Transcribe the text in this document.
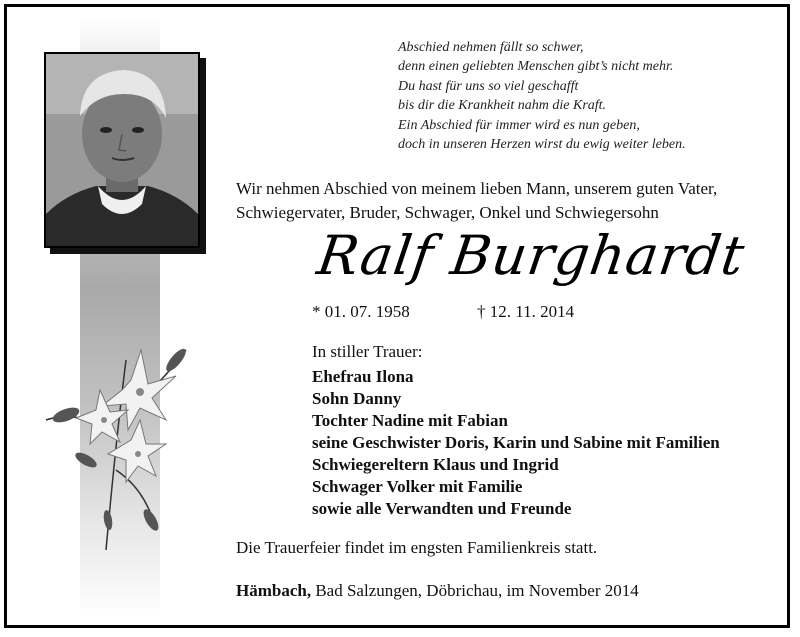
Abschied nehmen fällt so schwer,
denn einen geliebten Menschen gibt’s nicht mehr.
Du hast für uns so viel geschafft
bis dir die Krankheit nahm die Kraft.
Ein Abschied für immer wird es nun geben,
doch in unseren Herzen wirst du ewig weiter leben.
Wir nehmen Abschied von meinem lieben Mann, unserem guten Vater,
Schwiegervater, Bruder, Schwager, Onkel und Schwiegersohn
Ralf Burghardt
* 01. 07. 1958	† 12. 11. 2014
In stiller Trauer:
Ehefrau Ilona
Sohn Danny
Tochter Nadine mit Fabian
seine Geschwister Doris, Karin und Sabine mit Familien
Schwiegereltern Klaus und Ingrid
Schwager Volker mit Familie
sowie alle Verwandten und Freunde
Die Trauerfeier findet im engsten Familienkreis statt.
Hämbach, Bad Salzungen, Döbrichau, im November 2014
